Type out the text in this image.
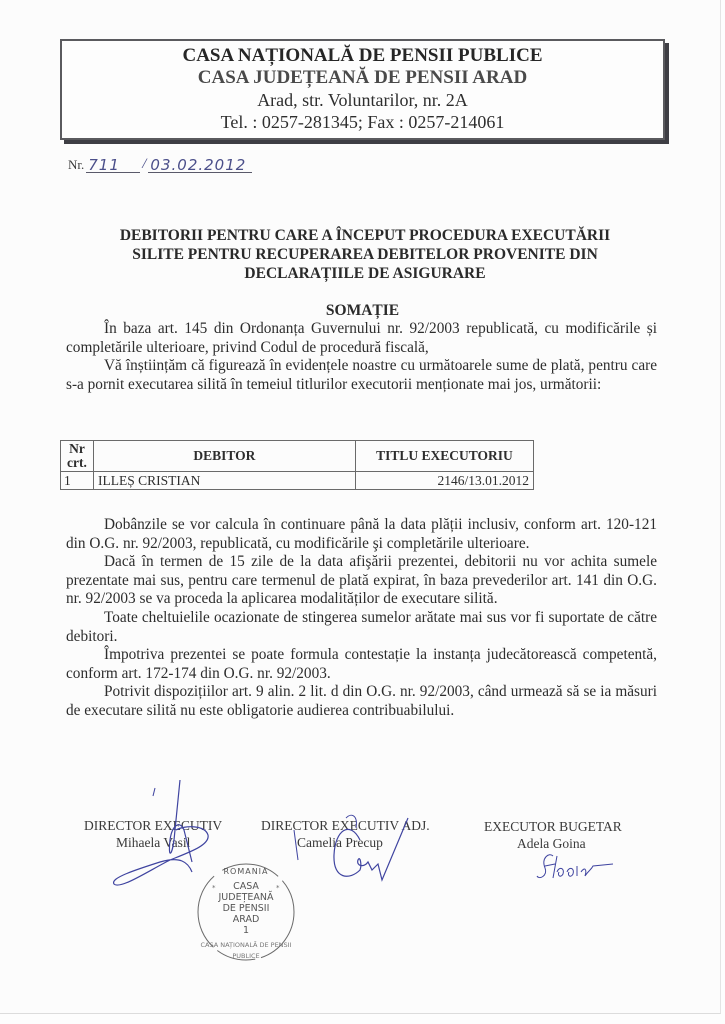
CASA NAȚIONALĂ DE PENSII PUBLICE
CASA JUDEȚEANĂ DE PENSII ARAD
Arad, str. Voluntarilor, nr. 2A
Tel. : 0257-281345; Fax : 0257-214061
Nr. 711	/ 03.02.2012
DEBITORII PENTRU CARE A ÎNCEPUT PROCEDURA EXECUTĂRII
SILITE PENTRU RECUPERAREA DEBITELOR PROVENITE DIN
DECLARAȚIILE DE ASIGURARE
SOMAȚIE

În baza art. 145 din Ordonanța Guvernului nr. 92/2003 republicată, cu modificările și completările ulterioare, privind Codul de procedură fiscală,

Vă înștiințăm că figurează în evidențele noastre cu următoarele sume de plată, pentru care s-a pornit executarea silită în temeiul titlurilor executorii menționate mai jos, următorii:

Nr crt.	DEBITOR	TITLU EXECUTORIU
1	ILLEȘ CRISTIAN	2146/13.01.2012

Dobânzile se vor calcula în continuare până la data plății inclusiv, conform art. 120-121 din O.G. nr. 92/2003, republicată, cu modificările şi completările ulterioare.

Dacă în termen de 15 zile de la data afişării prezentei, debitorii nu vor achita sumele prezentate mai sus, pentru care termenul de plată expirat, în baza prevederilor art. 141 din O.G. nr. 92/2003 se va proceda la aplicarea modalităților de executare silită.

Toate cheltuielile ocazionate de stingerea sumelor arătate mai sus vor fi suportate de către debitori.

Împotriva prezentei se poate formula contestație la instanța judecătorească competentă, conform art. 172-174 din O.G. nr. 92/2003.

Potrivit dispozițiilor art. 9 alin. 2 lit. d din O.G. nr. 92/2003, când urmează să se ia măsuri de executare silită nu este obligatorie audierea contribuabilului.

DIRECTOR EXECUTIV
Mihaela Vasil
DIRECTOR EXECUTIV ADJ.
Camelia Precup
EXECUTOR BUGETAR
Adela Goina
*	*
ROMANIA
CASA
JUDEȚEANĂ
DE PENSII
ARAD
1
CASA NAȚIONALĂ DE PENSII PUBLICE
